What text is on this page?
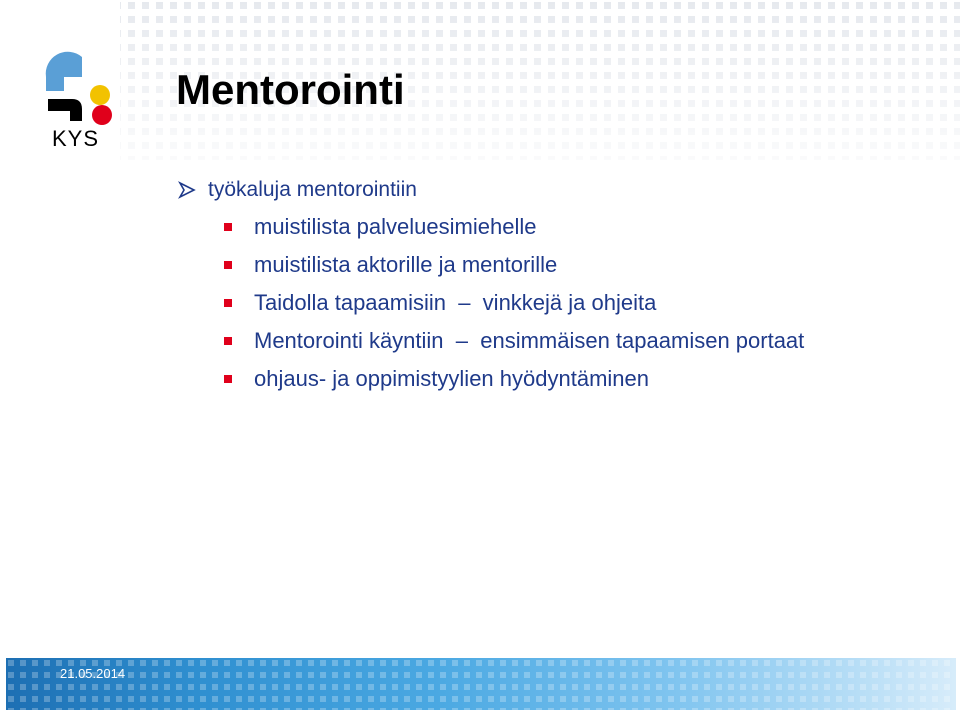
KYS
Mentorointi
työkaluja mentorointiin
muistilista palveluesimiehelle
muistilista aktorille ja mentorille
Taidolla tapaamisiin  –  vinkkejä ja ohjeita
Mentorointi käyntiin  –  ensimmäisen tapaamisen portaat
ohjaus- ja oppimistyylien hyödyntäminen
21.05.2014
